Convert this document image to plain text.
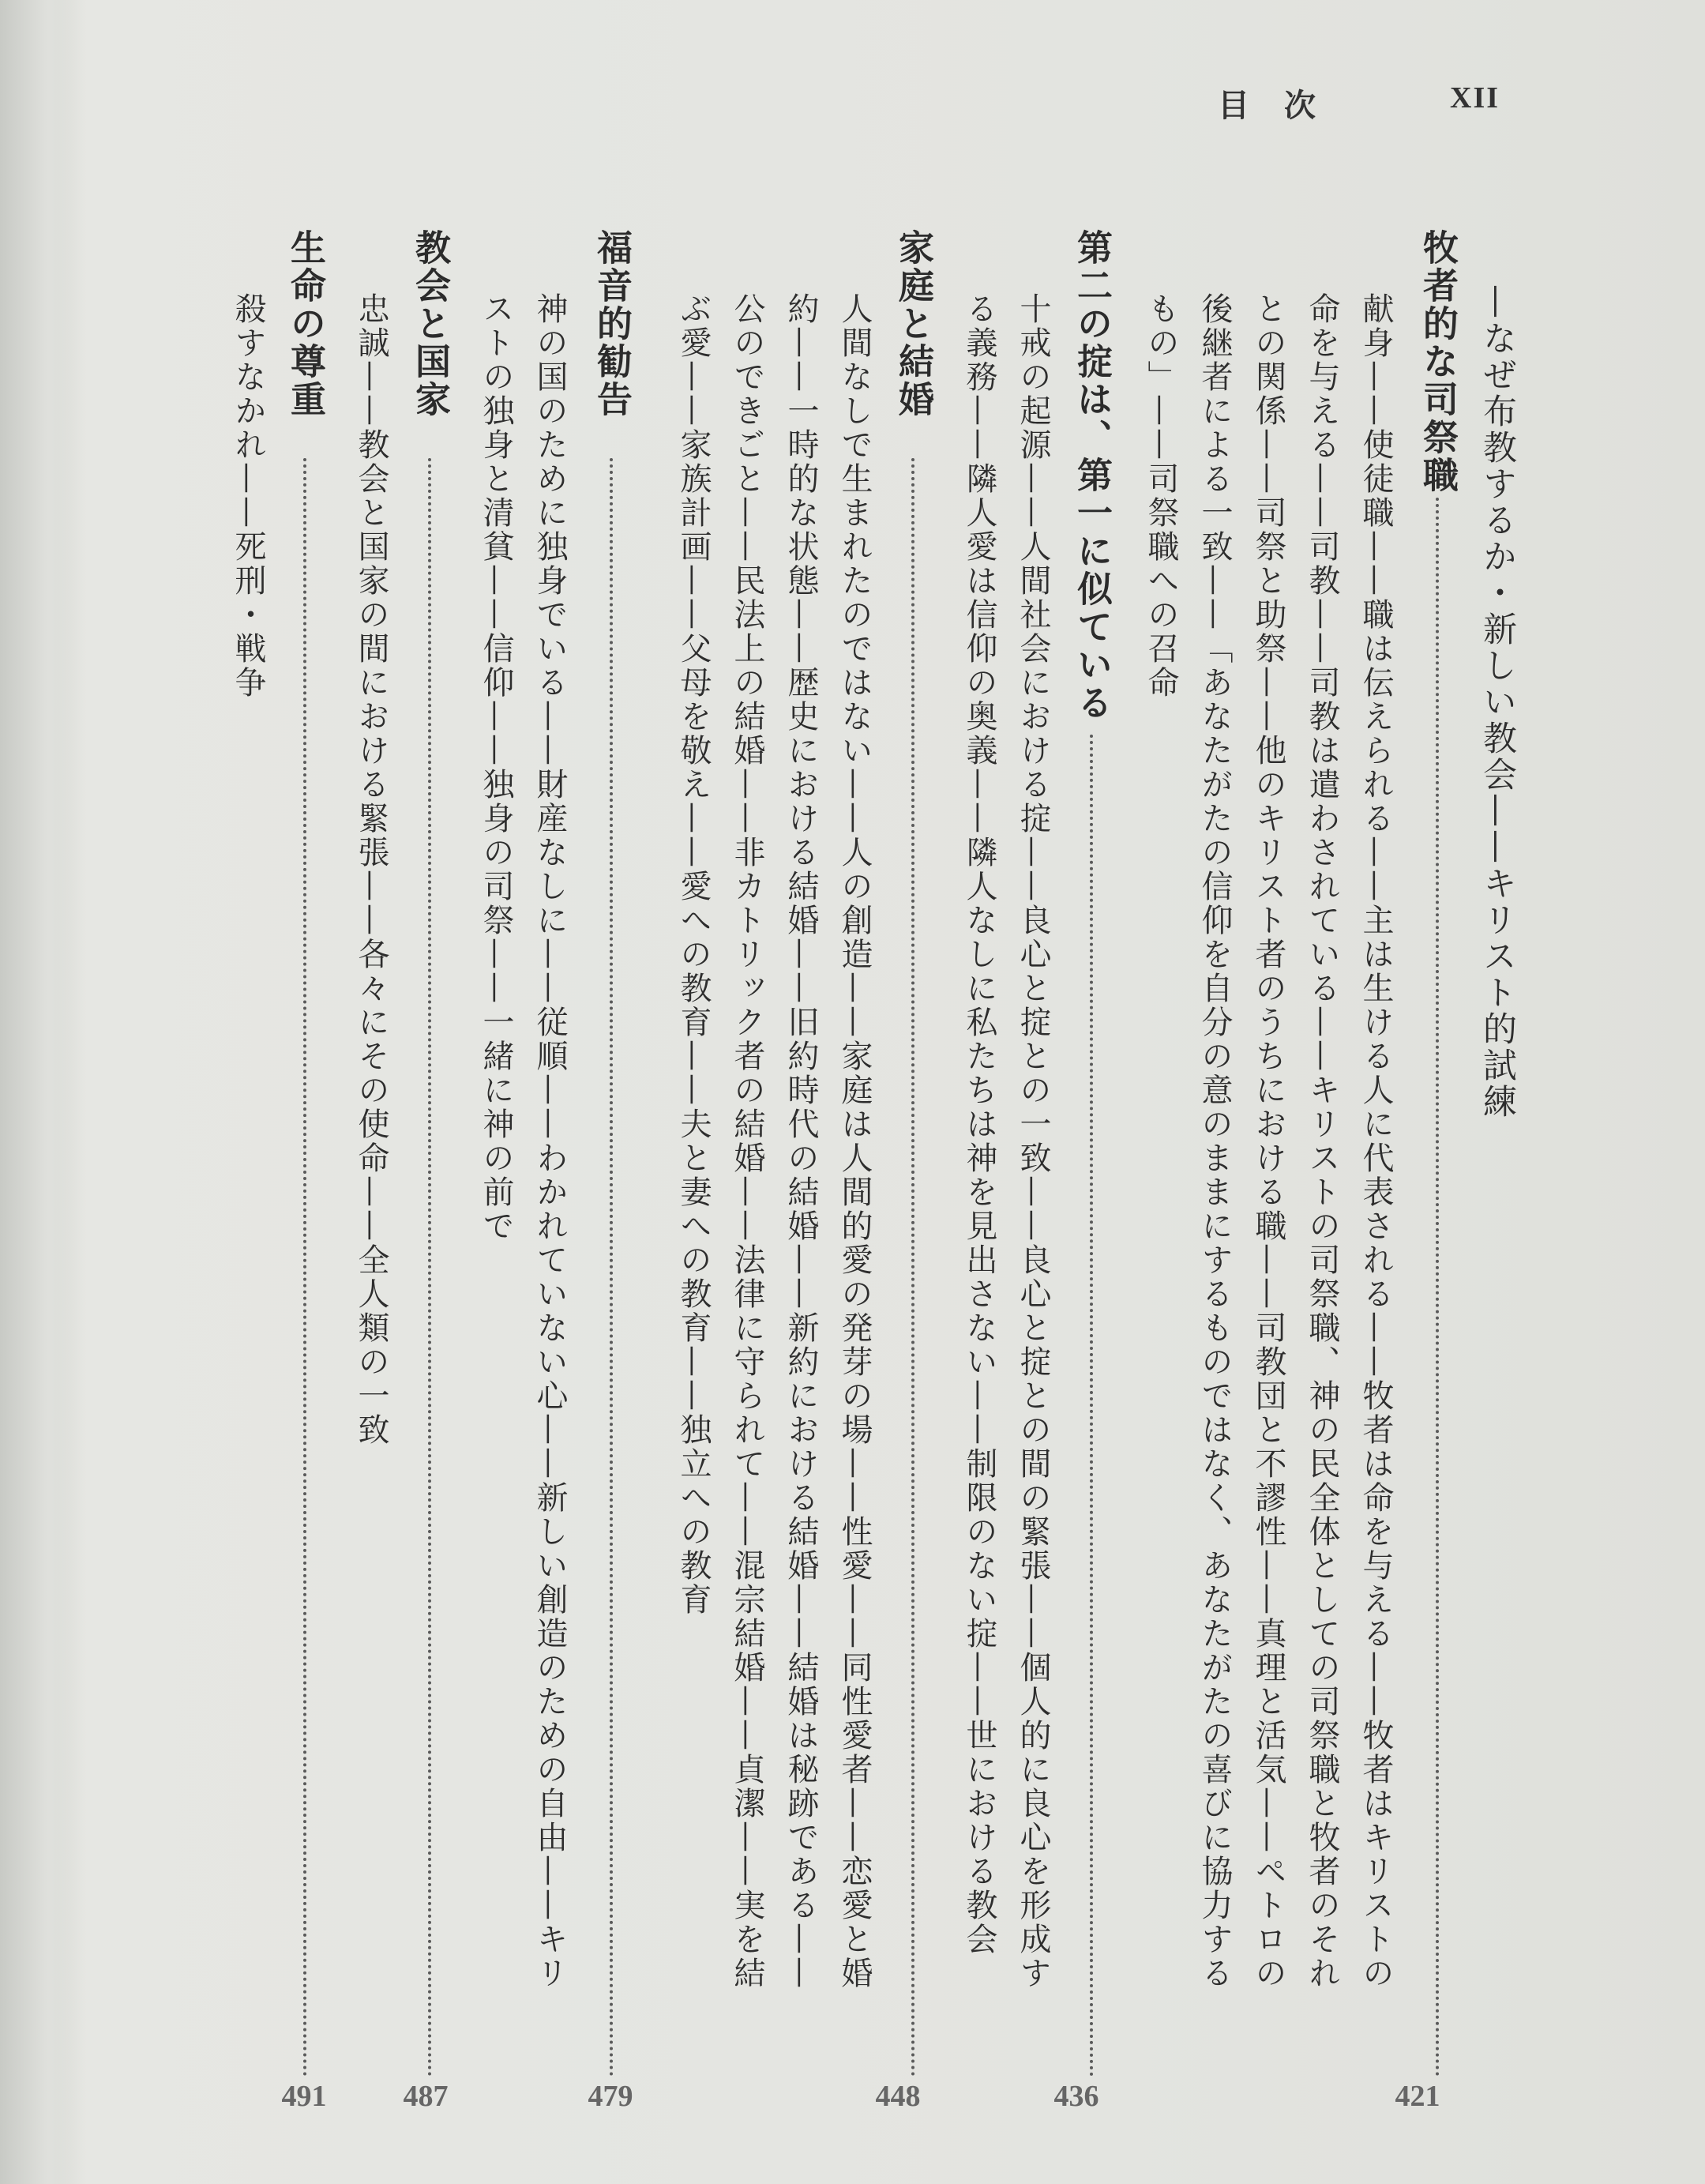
目　次	XII
—なぜ布教するか・新しい教会——キリスト的試練
牧者的な司祭職
421
献身——使徒職——職は伝えられる——主は生ける人に代表される——牧者は命を与える——牧者はキリストの
命を与える——司教——司教は遣わされている——キリストの司祭職、神の民全体としての司祭職と牧者のそれ
との関係——司祭と助祭——他のキリスト者のうちにおける職——司教団と不謬性——真理と活気——ペトロの
後継者による一致——「あなたがたの信仰を自分の意のままにするものではなく、あなたがたの喜びに協力する
もの」——司祭職への召命
第二の掟は、第一に似ている
436
十戒の起源——人間社会における掟——良心と掟との一致——良心と掟との間の緊張——個人的に良心を形成す
る義務——隣人愛は信仰の奥義——隣人なしに私たちは神を見出さない——制限のない掟——世における教会
家庭と結婚
448
人間なしで生まれたのではない——人の創造——家庭は人間的愛の発芽の場——性愛——同性愛者——恋愛と婚
約——一時的な状態——歴史における結婚——旧約時代の結婚——新約における結婚——結婚は秘跡である——
公のできごと——民法上の結婚——非カトリック者の結婚——法律に守られて——混宗結婚——貞潔——実を結
ぶ愛——家族計画——父母を敬え——愛への教育——夫と妻への教育——独立への教育
福音的勧告
479
神の国のために独身でいる——財産なしに——従順——わかれていない心——新しい創造のための自由——キリ
ストの独身と清貧——信仰——独身の司祭——一緒に神の前で
教会と国家
487
忠誠——教会と国家の間における緊張——各々にその使命——全人類の一致
生命の尊重
491
殺すなかれ——死刑・戦争
